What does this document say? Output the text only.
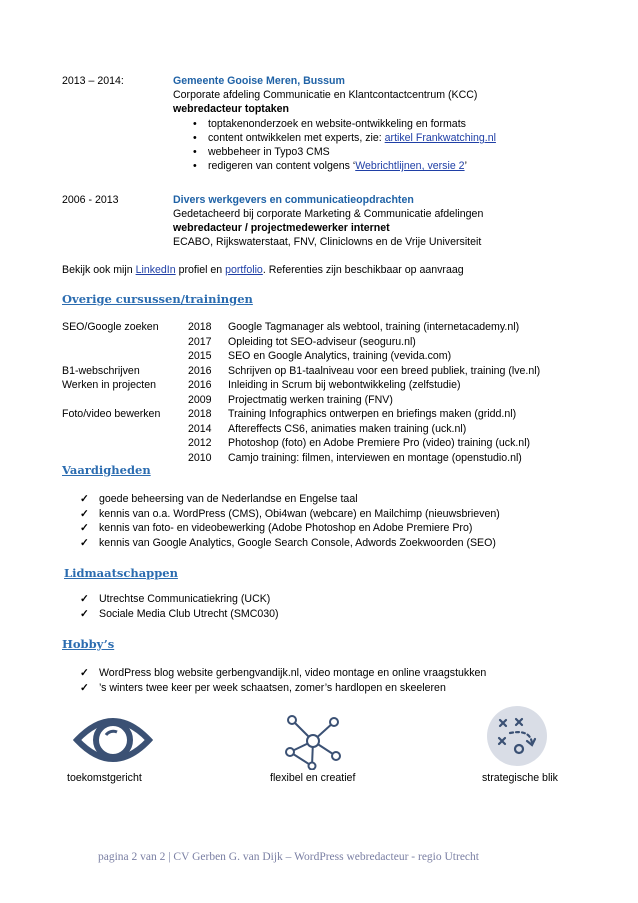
2013 – 2014:	Gemeente Gooise Meren, Bussum
Corporate afdeling Communicatie en Klantcontactcentrum (KCC)
webredacteur toptaken
• toptakenonderzoek en website-ontwikkeling en formats
• content ontwikkelen met experts, zie: artikel Frankwatching.nl
• webbeheer in Typo3 CMS
• redigeren van content volgens ‘Webrichtlijnen, versie 2’
2006 - 2013	Divers werkgevers en communicatieopdrachten
Gedetacheerd bij corporate Marketing & Communicatie afdelingen
webredacteur / projectmedewerker internet
ECABO, Rijkswaterstaat, FNV, Cliniclowns en de Vrije Universiteit
Bekijk ook mijn LinkedIn profiel en portfolio. Referenties zijn beschikbaar op aanvraag
Overige cursussen/trainingen
SEO/Google zoeken	2018 Google Tagmanager als webtool, training (internetacademy.nl)
2017 Opleiding tot SEO-adviseur (seoguru.nl)
2015 SEO en Google Analytics, training (vevida.com)
B1-webschrijven	2016 Schrijven op B1-taalniveau voor een breed publiek, training (lve.nl)
Werken in projecten	2016 Inleiding in Scrum bij webontwikkeling (zelfstudie)
2009 Projectmatig werken training (FNV)
Foto/video bewerken	2018 Training Infographics ontwerpen en briefings maken (gridd.nl)
2014 Aftereffects CS6, animaties maken training (uck.nl)
2012 Photoshop (foto) en Adobe Premiere Pro (video) training (uck.nl)
2010 Camjo training: filmen, interviewen en montage (openstudio.nl)
Vaardigheden
✓ goede beheersing van de Nederlandse en Engelse taal
✓ kennis van o.a. WordPress (CMS), Obi4wan (webcare) en Mailchimp (nieuwsbrieven)
✓ kennis van foto- en videobewerking (Adobe Photoshop en Adobe Premiere Pro)
✓ kennis van Google Analytics, Google Search Console, Adwords Zoekwoorden (SEO)
Lidmaatschappen
✓ Utrechtse Communicatiekring (UCK)
✓ Sociale Media Club Utrecht (SMC030)
Hobby’s
✓ WordPress blog website gerbengvandijk.nl, video montage en online vraagstukken
✓ ’s winters twee keer per week schaatsen, zomer’s hardlopen en skeeleren
toekomstgericht	flexibel en creatief	strategische blik
pagina 2 van 2 | CV Gerben G. van Dijk – WordPress webredacteur - regio Utrecht
